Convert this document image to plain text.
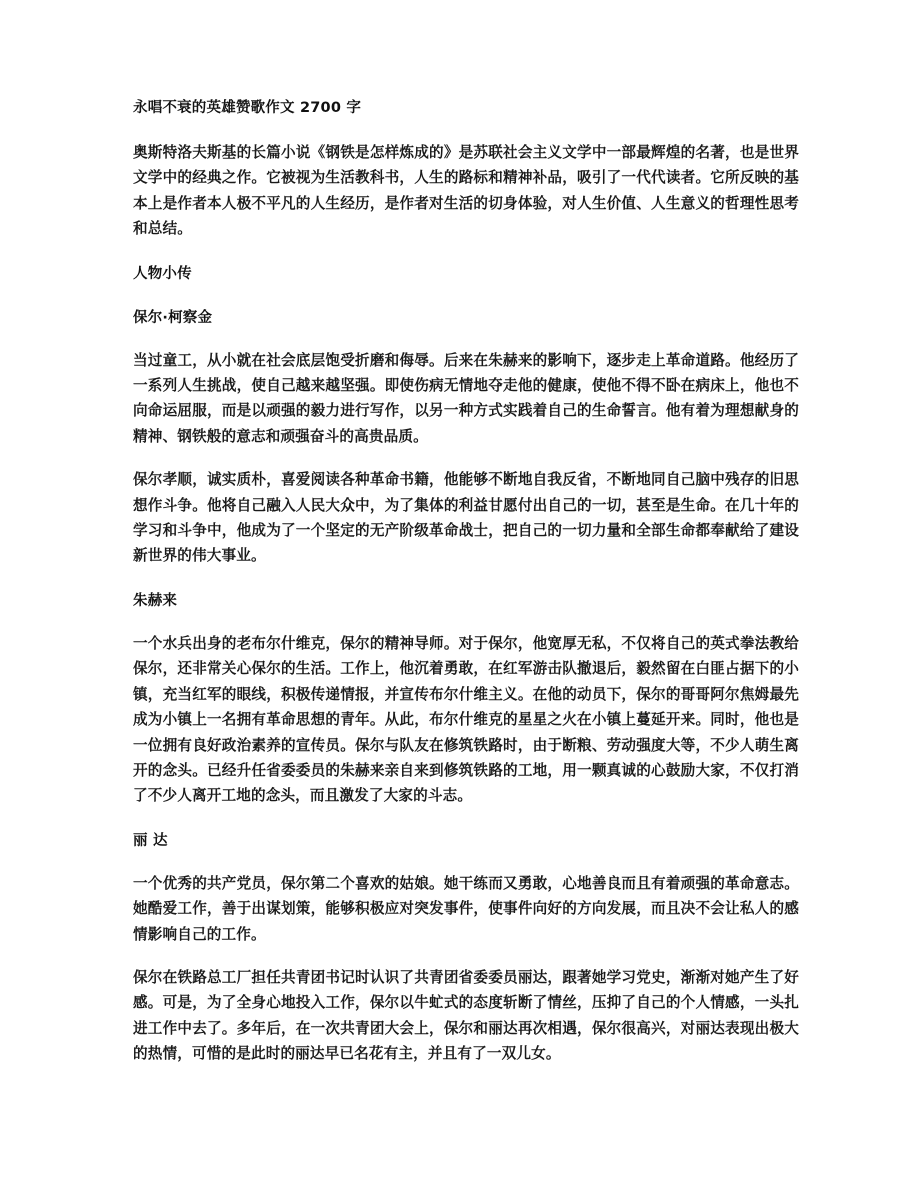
永唱不衰的英雄赞歌作文 2700 字

奥斯特洛夫斯基的长篇小说《钢铁是怎样炼成的》是苏联社会主义文学中一部最辉煌的名著，也是世界文学中的经典之作。它被视为生活教科书，人生的路标和精神补品，吸引了一代代读者。它所反映的基本上是作者本人极不平凡的人生经历，是作者对生活的切身体验，对人生价值、人生意义的哲理性思考和总结。

人物小传
保尔·柯察金

当过童工，从小就在社会底层饱受折磨和侮辱。后来在朱赫来的影响下，逐步走上革命道路。他经历了一系列人生挑战，使自己越来越坚强。即使伤病无情地夺走他的健康，使他不得不卧在病床上，他也不向命运屈服，而是以顽强的毅力进行写作，以另一种方式实践着自己的生命誓言。他有着为理想献身的精神、钢铁般的意志和顽强奋斗的高贵品质。

保尔孝顺，诚实质朴，喜爱阅读各种革命书籍，他能够不断地自我反省，不断地同自己脑中残存的旧思想作斗争。他将自己融入人民大众中，为了集体的利益甘愿付出自己的一切，甚至是生命。在几十年的学习和斗争中，他成为了一个坚定的无产阶级革命战士，把自己的一切力量和全部生命都奉献给了建设新世界的伟大事业。

朱赫来

一个水兵出身的老布尔什维克，保尔的精神导师。对于保尔，他宽厚无私，不仅将自己的英式拳法教给保尔，还非常关心保尔的生活。工作上，他沉着勇敢，在红军游击队撤退后，毅然留在白匪占据下的小镇，充当红军的眼线，积极传递情报，并宣传布尔什维主义。在他的动员下，保尔的哥哥阿尔焦姆最先成为小镇上一名拥有革命思想的青年。从此，布尔什维克的星星之火在小镇上蔓延开来。同时，他也是一位拥有良好政治素养的宣传员。保尔与队友在修筑铁路时，由于断粮、劳动强度大等，不少人萌生离开的念头。已经升任省委委员的朱赫来亲自来到修筑铁路的工地，用一颗真诚的心鼓励大家，不仅打消了不少人离开工地的念头，而且激发了大家的斗志。

丽 达

一个优秀的共产党员，保尔第二个喜欢的姑娘。她干练而又勇敢，心地善良而且有着顽强的革命意志。她酷爱工作，善于出谋划策，能够积极应对突发事件，使事件向好的方向发展，而且决不会让私人的感情影响自己的工作。

保尔在铁路总工厂担任共青团书记时认识了共青团省委委员丽达，跟著她学习党史，渐渐对她产生了好感。可是，为了全身心地投入工作，保尔以牛虻式的态度斩断了情丝，压抑了自己的个人情感，一头扎进工作中去了。多年后，在一次共青团大会上，保尔和丽达再次相遇，保尔很高兴，对丽达表现出极大的热情，可惜的是此时的丽达早已名花有主，并且有了一双儿女。
